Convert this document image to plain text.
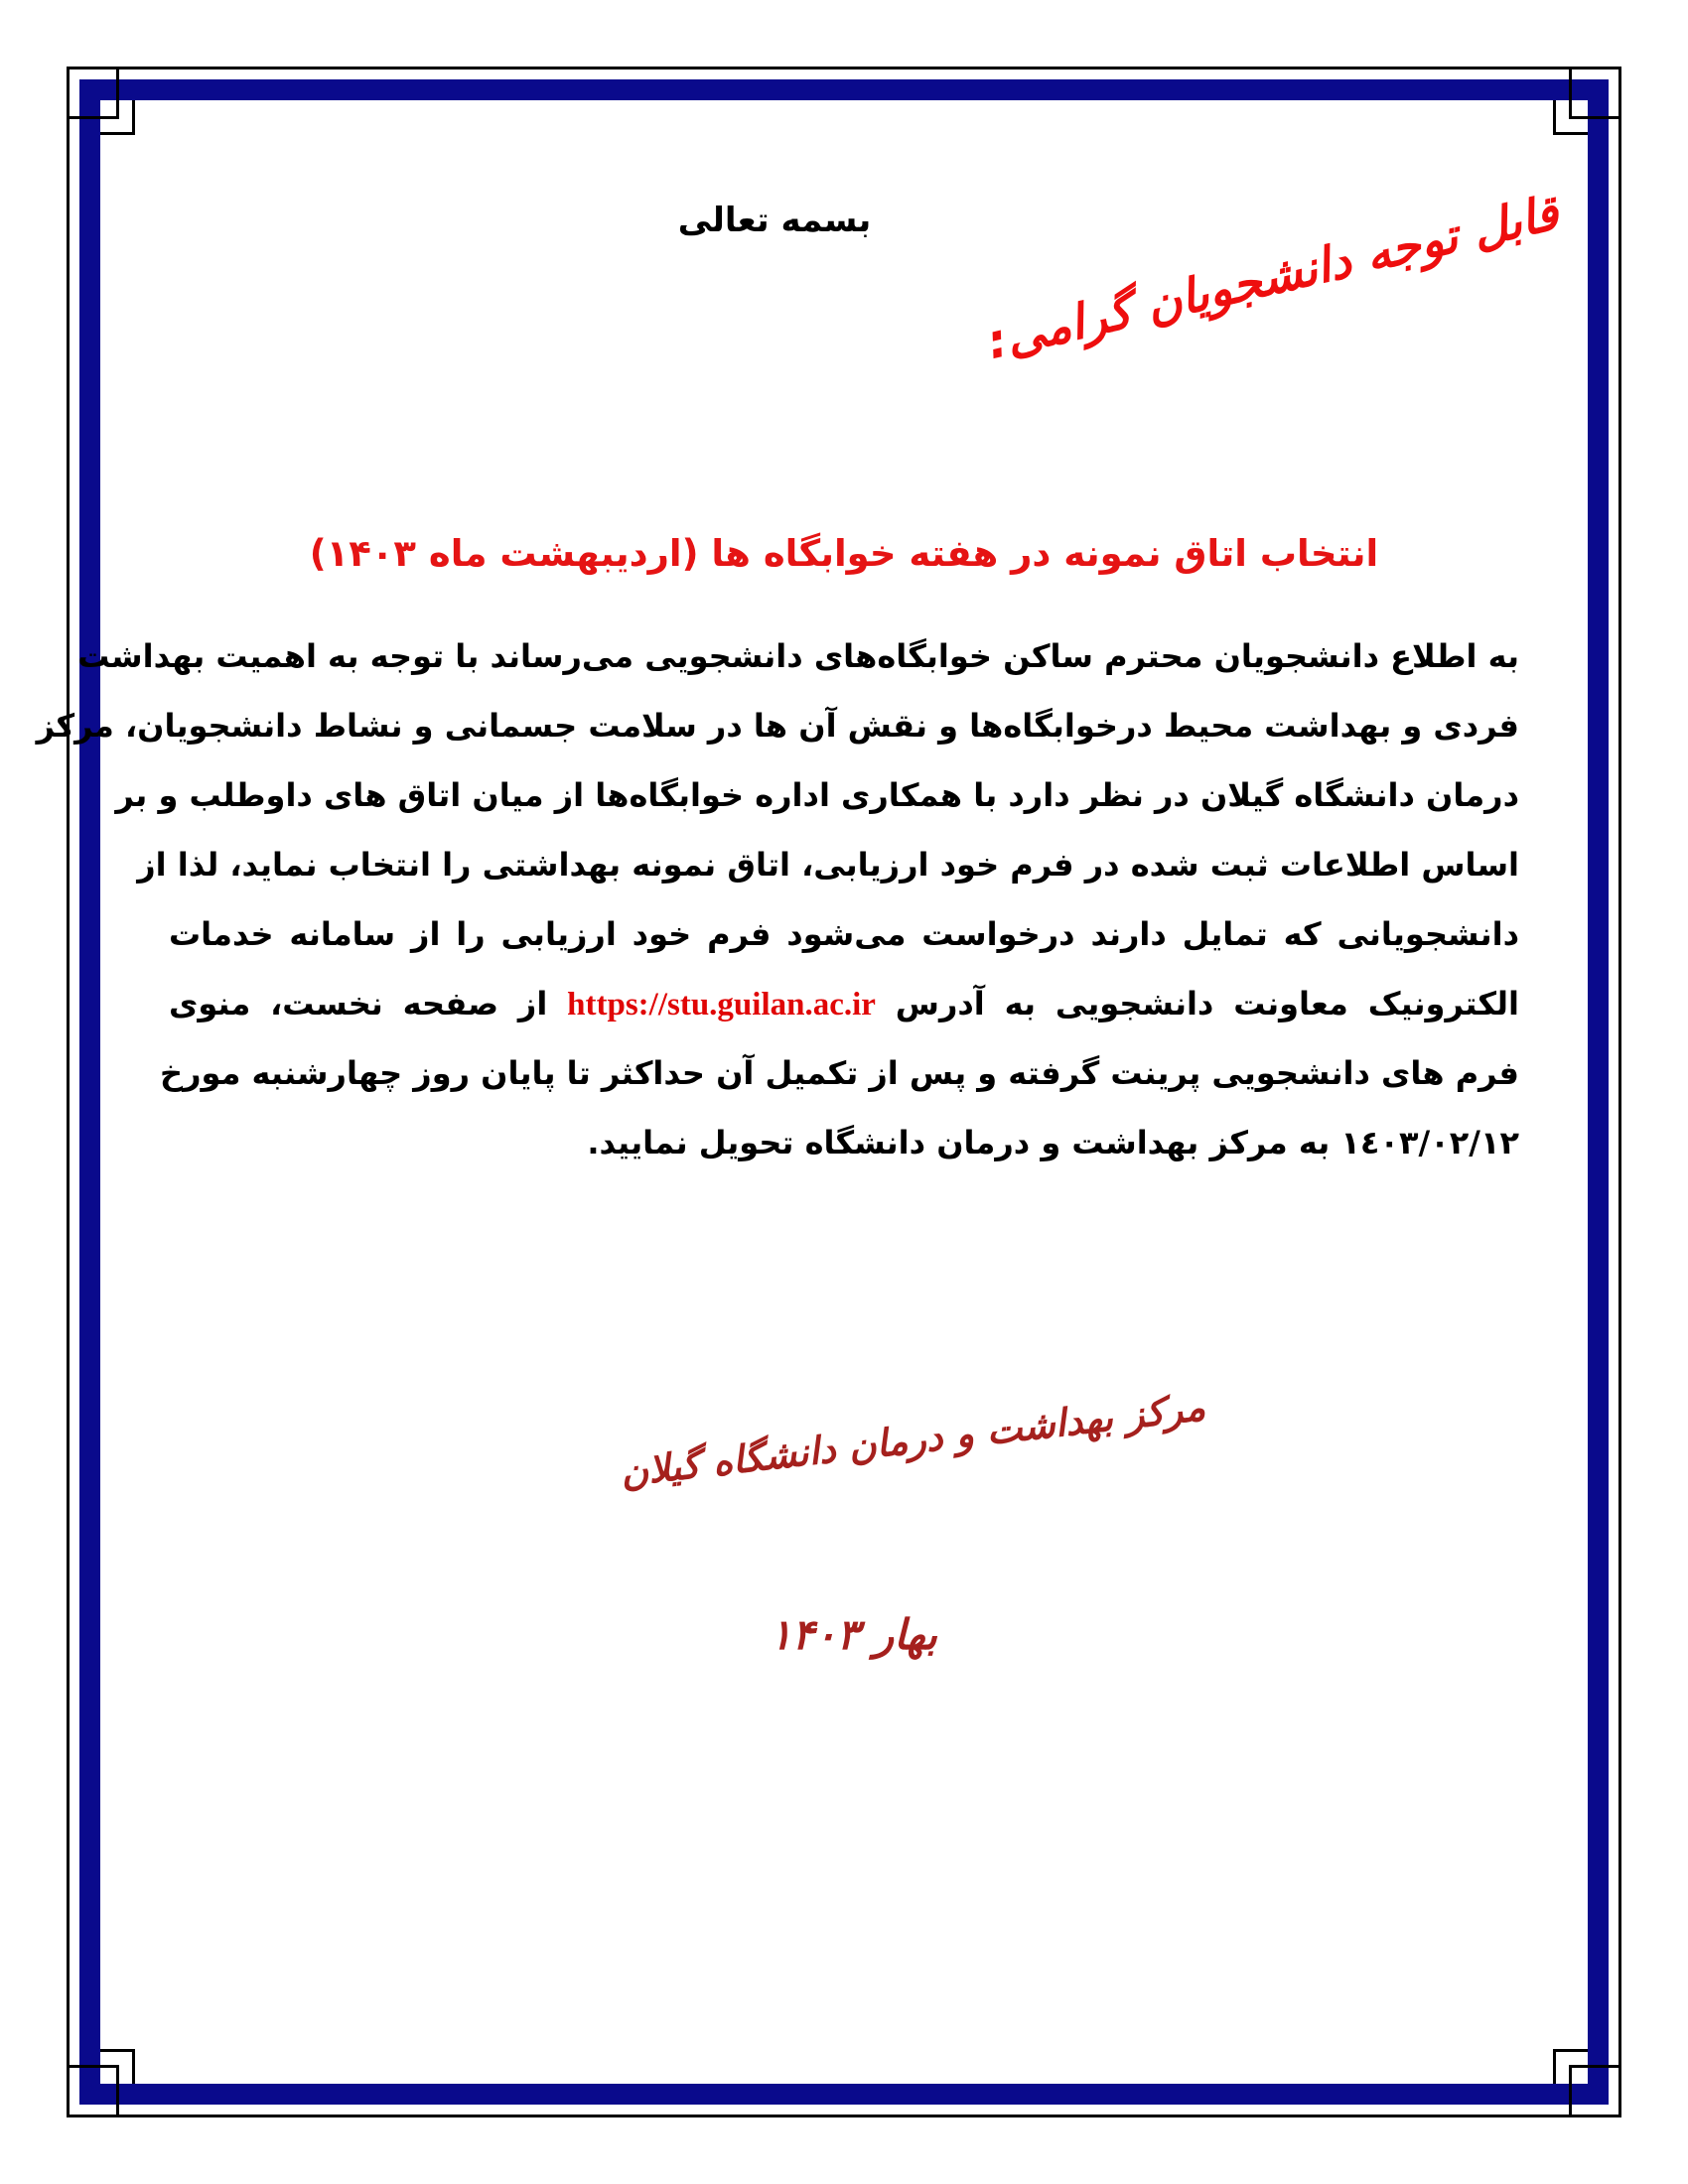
بسمه تعالی	قابل توجه دانشجویان گرامی:
انتخاب اتاق نمونه در هفته خوابگاه ها (اردیبهشت ماه ۱۴۰۳)
به اطلاع دانشجویان محترم ساکن خوابگاه‌های دانشجویی می‌رساند با توجه به اهمیت بهداشت
فردی و بهداشت محیط درخوابگاه‌ها و نقش آن ها در سلامت جسمانی و نشاط دانشجویان، مرکز
درمان دانشگاه گیلان در نظر دارد با همکاری اداره خوابگاه‌ها از میان اتاق های داوطلب و بر
اساس اطلاعات ثبت شده در فرم خود ارزیابی، اتاق نمونه بهداشتی را انتخاب نماید، لذا از
دانشجویانی که تمایل دارند درخواست می‌شود فرم خود ارزیابی را از سامانه خدمات
الکترونیک معاونت دانشجویی به آدرس https://stu.guilan.ac.ir از صفحه نخست، منوی
فرم های دانشجویی پرینت گرفته و پس از تکمیل آن حداکثر تا پایان روز چهارشنبه مورخ
١٤٠٣/٠٢/١٢ به مرکز بهداشت و درمان دانشگاه تحویل نمایید.
مرکز بهداشت و درمان دانشگاه گیلان
بهار ۱۴۰۳
